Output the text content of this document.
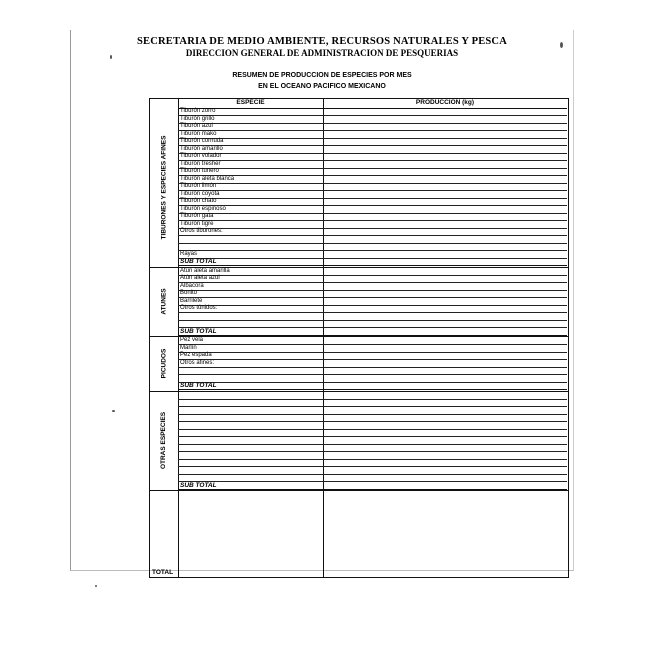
SECRETARIA DE MEDIO AMBIENTE, RECURSOS NATURALES Y PESCA
DIRECCION GENERAL DE ADMINISTRACION DE PESQUERIAS
RESUMEN DE PRODUCCION DE ESPECIES POR MES
EN EL OCEANO PACIFICO MEXICANO
ESPECIE	PRODUCCION (kg)
TIBURONES Y ESPECIES AFINES
Tiburón zorro
Tiburón grillo
Tiburón azul
Tiburón mako
Tiburón cornuda
Tiburón amarillo
Tiburón volador
Tiburón tresher
Tiburón tunero
Tiburón aleta blanca
Tiburón limón
Tiburón coyota
Tiburón chato
Tiburón espinoso
Tiburón gata
Tiburón tigre
Otros tiburones:
Rayas
SUB TOTAL
ATUNES
Atún aleta amarilla
Atún aleta azul
Albacora
Bonito
Barrilete
Otros túnidos:
SUB TOTAL
PICUDOS
Pez vela
Marlín
Pez espada
Otros afines:
SUB TOTAL
OTRAS ESPECIES
SUB TOTAL
TOTAL
